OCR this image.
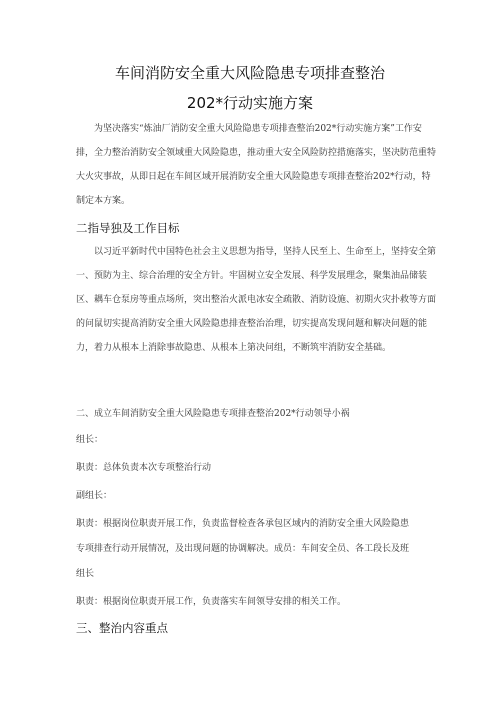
车间消防安全重大风险隐患专项排查整治
202*行动实施方案

为坚决落实“炼油厂消防安全重大风险隐患专项排查整治202*行动实施方案”工作安排，全力整治消防安全领域重大风险隐患，推动重大安全风险防控措施落实，坚决防范重特大火灾事故，从即日起在车间区域开展消防安全重大风险隐患专项排查整治202*行动，特制定本方案。

二指导独及工作目标

以习近平新时代中国特色社会主义思想为指导，坚持人民至上、生命至上，坚持安全第一、预防为主、综合治理的安全方针。牢固树立安全发展、科学发展理念，聚集油品储装区、耦车仓泵房等重点场所，突出整治火派电冰安全疏散、消防设施、初期火灾扑救等方面的问鼠切实提高消防安全重大风险隐患排查整治治理，切实提高发现问题和解决问题的能力，着力从根本上消除事故隐患、从根本上第决问组，不断筑牢消防安全基础。

二、成立车间消防安全重大风险隐患专项排查整治202*行动领导小祸
组长：
职责：总体负责本次专项整治行动
副组长：
职责：根据岗位职责开展工作，负责监督检查各承包区域内的消防安全重大风险隐患
专项排查行动开展情况，及出现问题的协调解决。成员：车间安全员、各工段长及班
组长
职责：根据岗位职责开展工作，负责落实车间领导安排的相关工作。
三、整治内容重点
